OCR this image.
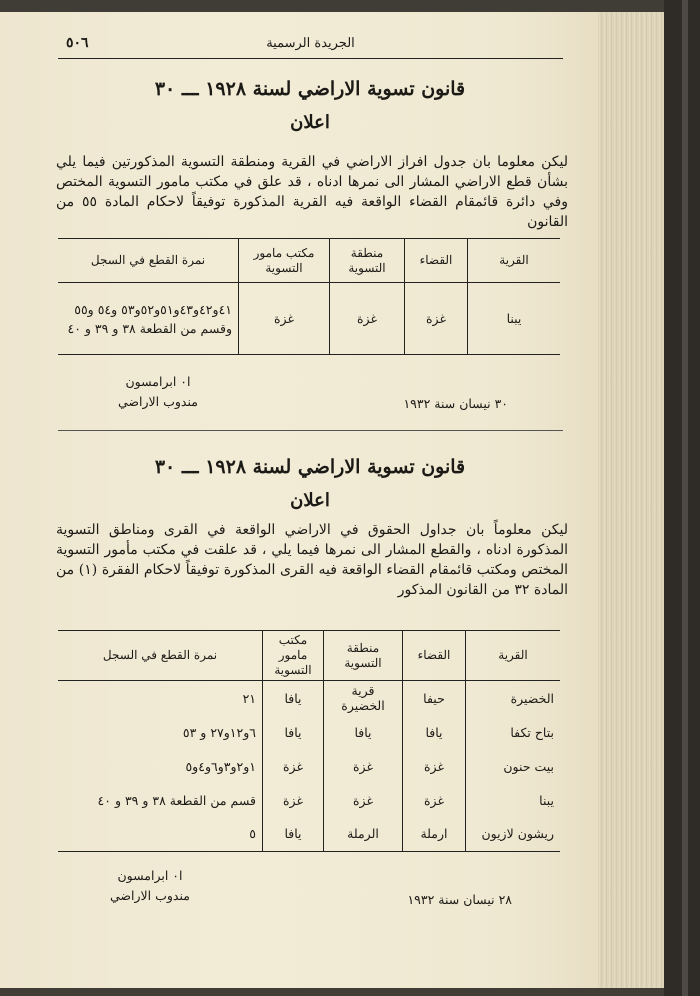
الجريدة الرسمية
٥٠٦
قانون تسوية الاراضي لسنة ١٩٢٨ ـــ ٣٠
اعلان
ليكن معلوما بان جدول افراز الاراضي في القرية ومنطقة التسوية المذكورتين فيما يلي بشأن قطع الاراضي المشار الى نمرها ادناه ، قد علق في مكتب مامور التسوية المختص وفي دائرة قائمقام القضاء الواقعة فيه القرية المذكورة توفيقاً لاحكام المادة ٥٥ من القانون
القرية	القضاء	منطقة التسوية	مكتب مامور التسوية	نمرة القطع في السجل
يبنا	غزة	غزة	غزة	٤١و٤٢و٤٣و٥١و٥٢و٥٣ و٥٤ و٥٥ وقسم من القطعة ٣٨ و ٣٩ و ٤٠
ا٠ ابرامسون
مندوب الاراضي	٣٠ نيسان سنة ١٩٣٢
قانون تسوية الاراضي لسنة ١٩٢٨ ـــ ٣٠
اعلان
ليكن معلوماً بان جداول الحقوق في الاراضي الواقعة في القرى ومناطق التسوية المذكورة ادناه ، والقطع المشار الى نمرها فيما يلي ، قد علقت في مكتب مأمور التسوية المختص ومكتب قائمقام القضاء الواقعة فيه القرى المذكورة توفيقاً لاحكام الفقرة (١) من المادة ٣٢ من القانون المذكور
القرية	القضاء	منطقة التسوية	مكتب مامور التسوية	نمرة القطع في السجل
الخضيرة	حيفا	قرية الخضيرة	يافا	٢١
بتاح تكفا	يافا	يافا	يافا	٦و١٢و٢٧ و ٥٣
بيت حنون	غزة	غزة	غزة	١و٢و٣و٦و٤و٥
يبنا	غزة	غزة	غزة	قسم من القطعة ٣٨ و ٣٩ و ٤٠
ريشون لازيون	ارملة	الرملة	يافا	٥
ا٠ ابرامسون
مندوب الاراضي	٢٨ نيسان سنة ١٩٣٢
